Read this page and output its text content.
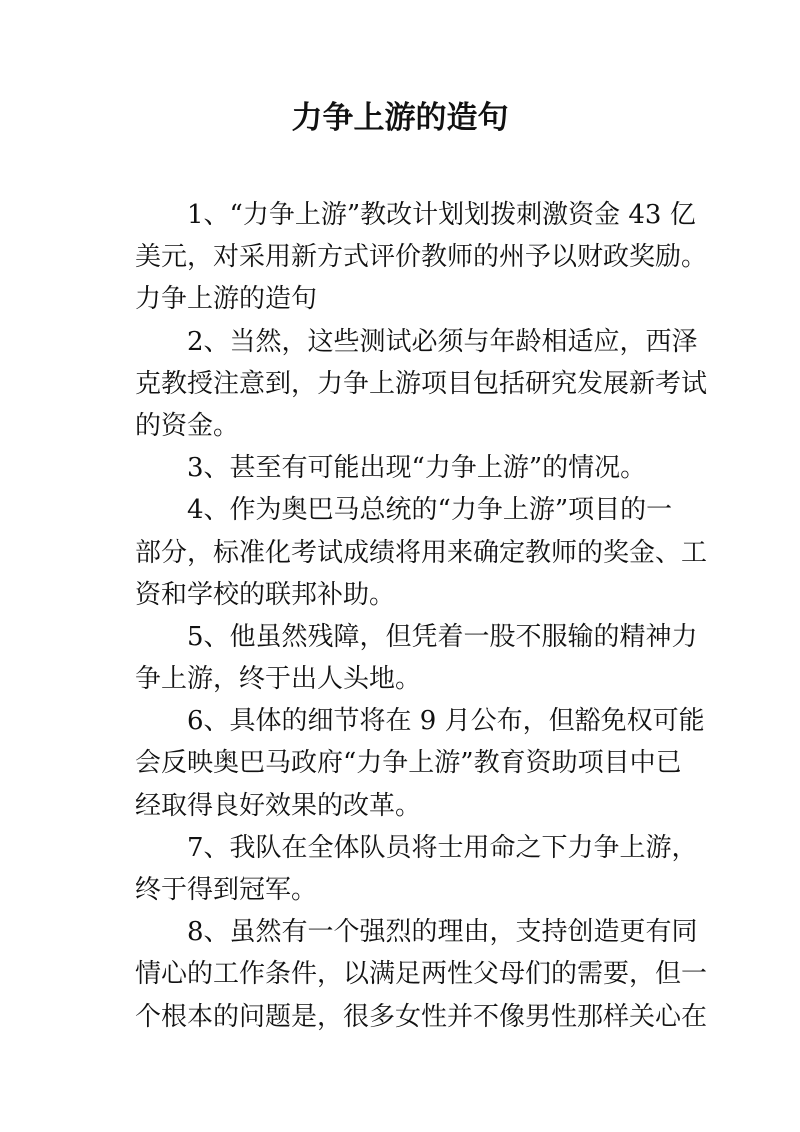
力争上游的造句
1、“力争上游”教改计划划拨刺激资金 43 亿
美元，对采用新方式评价教师的州予以财政奖励。
力争上游的造句
2、当然，这些测试必须与年龄相适应，西泽
克教授注意到，力争上游项目包括研究发展新考试
的资金。
3、甚至有可能出现“力争上游”的情况。
4、作为奥巴马总统的“力争上游”项目的一
部分，标准化考试成绩将用来确定教师的奖金、工
资和学校的联邦补助。
5、他虽然残障，但凭着一股不服输的精神力
争上游，终于出人头地。
6、具体的细节将在 9 月公布，但豁免权可能
会反映奥巴马政府“力争上游”教育资助项目中已
经取得良好效果的改革。
7、我队在全体队员将士用命之下力争上游，
终于得到冠军。
8、虽然有一个强烈的理由，支持创造更有同
情心的工作条件，以满足两性父母们的需要，但一
个根本的问题是，很多女性并不像男性那样关心在
